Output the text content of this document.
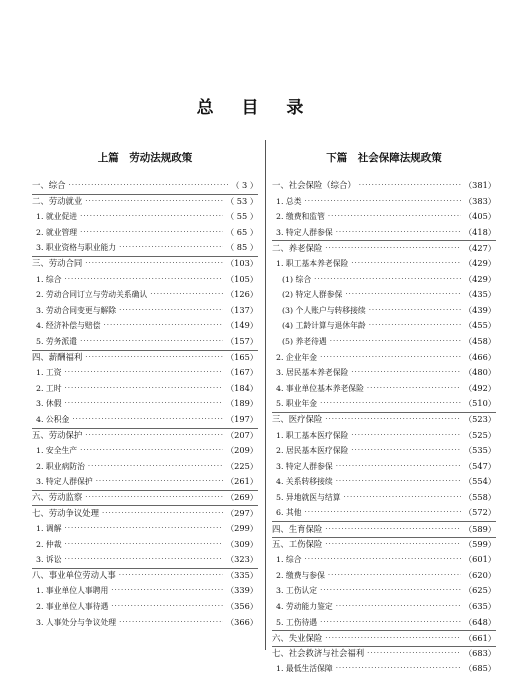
总 目 录
上篇　劳动法规政策
一、综合 ·····	（ 3 ）
二、劳动就业 ·····	（ 53 ）
1. 就业促进 ·····	（ 55 ）
2. 就业管理 ·····	（ 65 ）
3. 职业资格与职业能力 ·····	（ 85 ）
三、劳动合同 ·····	（103）
1. 综合 ·····	（105）
2. 劳动合同订立与劳动关系确认 ·····	（126）
3. 劳动合同变更与解除 ·····	（137）
4. 经济补偿与赔偿 ·····	（149）
5. 劳务派遣 ·····	（157）
四、薪酬福利 ·····	（165）
1. 工资 ·····	（167）
2. 工时 ·····	（184）
3. 休假 ·····	（189）
4. 公积金 ·····	（197）
五、劳动保护 ·····	（207）
1. 安全生产 ·····	（209）
2. 职业病防治 ·····	（225）
3. 特定人群保护 ·····	（261）
六、劳动监察 ·····	（269）
七、劳动争议处理 ·····	（297）
1. 调解 ·····	（299）
2. 仲裁 ·····	（309）
3. 诉讼 ·····	（323）
八、事业单位劳动人事 ·····	（335）
1. 事业单位人事聘用 ·····	（339）
2. 事业单位人事待遇 ·····	（356）
3. 人事处分与争议处理 ·····	（366）
下篇　社会保障法规政策
一、社会保险（综合） ·····	（381）
1. 总类 ·····	（383）
2. 缴费和监管 ·····	（405）
3. 特定人群参保 ·····	（418）
二、养老保险 ·····	（427）
1. 职工基本养老保险 ·····	（429）
(1) 综合 ·····	（429）
(2) 特定人群参保 ·····	（435）
(3) 个人账户与转移接续 ·····	（439）
(4) 工龄计算与退休年龄 ·····	（455）
(5) 养老待遇 ·····	（458）
2. 企业年金 ·····	（466）
3. 居民基本养老保险 ·····	（480）
4. 事业单位基本养老保险 ·····	（492）
5. 职业年金 ·····	（510）
三、医疗保险 ·····	（523）
1. 职工基本医疗保险 ·····	（525）
2. 居民基本医疗保险 ·····	（535）
3. 特定人群参保 ·····	（547）
4. 关系转移接续 ·····	（554）
5. 异地就医与结算 ·····	（558）
6. 其他 ·····	（572）
四、生育保险 ·····	（589）
五、工伤保险 ·····	（599）
1. 综合 ·····	（601）
2. 缴费与参保 ·····	（620）
3. 工伤认定 ·····	（625）
4. 劳动能力鉴定 ·····	（635）
5. 工伤待遇 ·····	（648）
六、失业保险 ·····	（661）
七、社会救济与社会福利 ·····	（683）
1. 最低生活保障 ·····	（685）
